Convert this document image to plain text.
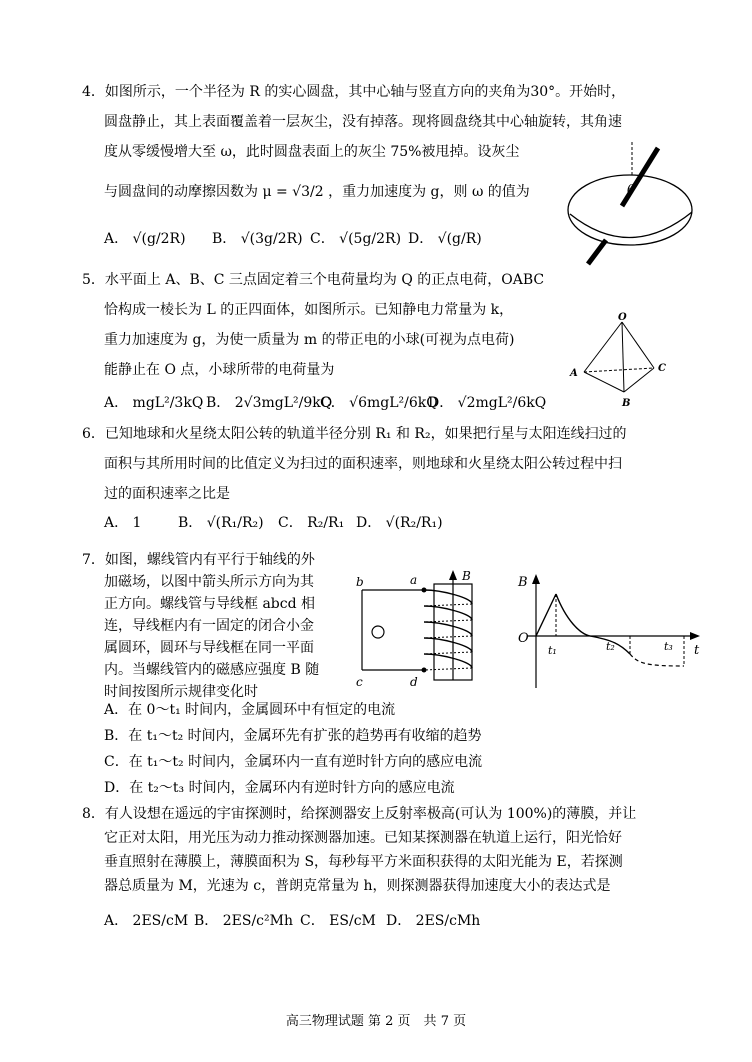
4．如图所示，一个半径为 R 的实心圆盘，其中心轴与竖直方向的夹角为30°。开始时，
圆盘静止，其上表面覆盖着一层灰尘，没有掉落。现将圆盘绕其中心轴旋转，其角速
度从零缓慢增大至 ω，此时圆盘表面上的灰尘 75%被甩掉。设灰尘
与圆盘间的动摩擦因数为 μ = √3/2 ，重力加速度为 g，则 ω 的值为
A． √(g/2R) B． √(3g/2R) C． √(5g/2R) D． √(g/R)
θ
5．水平面上 A、B、C 三点固定着三个电荷量均为 Q 的正点电荷，OABC
恰构成一棱长为 L 的正四面体，如图所示。已知静电力常量为 k，
重力加速度为 g，为使一质量为 m 的带正电的小球(可视为点电荷)
能静止在 O 点，小球所带的电荷量为
A． mgL²/3kQ B． 2√3mgL²/9kQ
C． √6mgL²/6kQ
D． √2mgL²/6kQ
O
A	C
B
6．已知地球和火星绕太阳公转的轨道半径分别 R₁ 和 R₂，如果把行星与太阳连线扫过的
面积与其所用时间的比值定义为扫过的面积速率，则地球和火星绕太阳公转过程中扫
过的面积速率之比是
A． 1	B． √(R₁/R₂) C． R₂/R₁ D． √(R₂/R₁)
7．如图，螺线管内有平行于轴线的外
加磁场，以图中箭头所示方向为其
正方向。螺线管与导线框 abcd 相
连，导线框内有一固定的闭合小金
属圆环，圆环与导线框在同一平面
内。当螺线管内的磁感应强度 B 随
时间按图所示规律变化时
b	a	B
c	d
B
O
t₁	t₂	t₃ t
A．在 0～t₁ 时间内，金属圆环中有恒定的电流
B．在 t₁～t₂ 时间内，金属环先有扩张的趋势再有收缩的趋势
C．在 t₁～t₂ 时间内，金属环内一直有逆时针方向的感应电流
D．在 t₂～t₃ 时间内，金属环内有逆时针方向的感应电流
8．有人设想在遥远的宇宙探测时，给探测器安上反射率极高(可认为 100%)的薄膜，并让
它正对太阳，用光压为动力推动探测器加速。已知某探测器在轨道上运行，阳光恰好
垂直照射在薄膜上，薄膜面积为 S，每秒每平方米面积获得的太阳光能为 E，若探测
器总质量为 M，光速为 c，普朗克常量为 h，则探测器获得加速度大小的表达式是
A． 2ES/cM B． 2ES/c²Mh C． ES/cM D． 2ES/cMh
高三物理试题 第 2 页　共 7 页
